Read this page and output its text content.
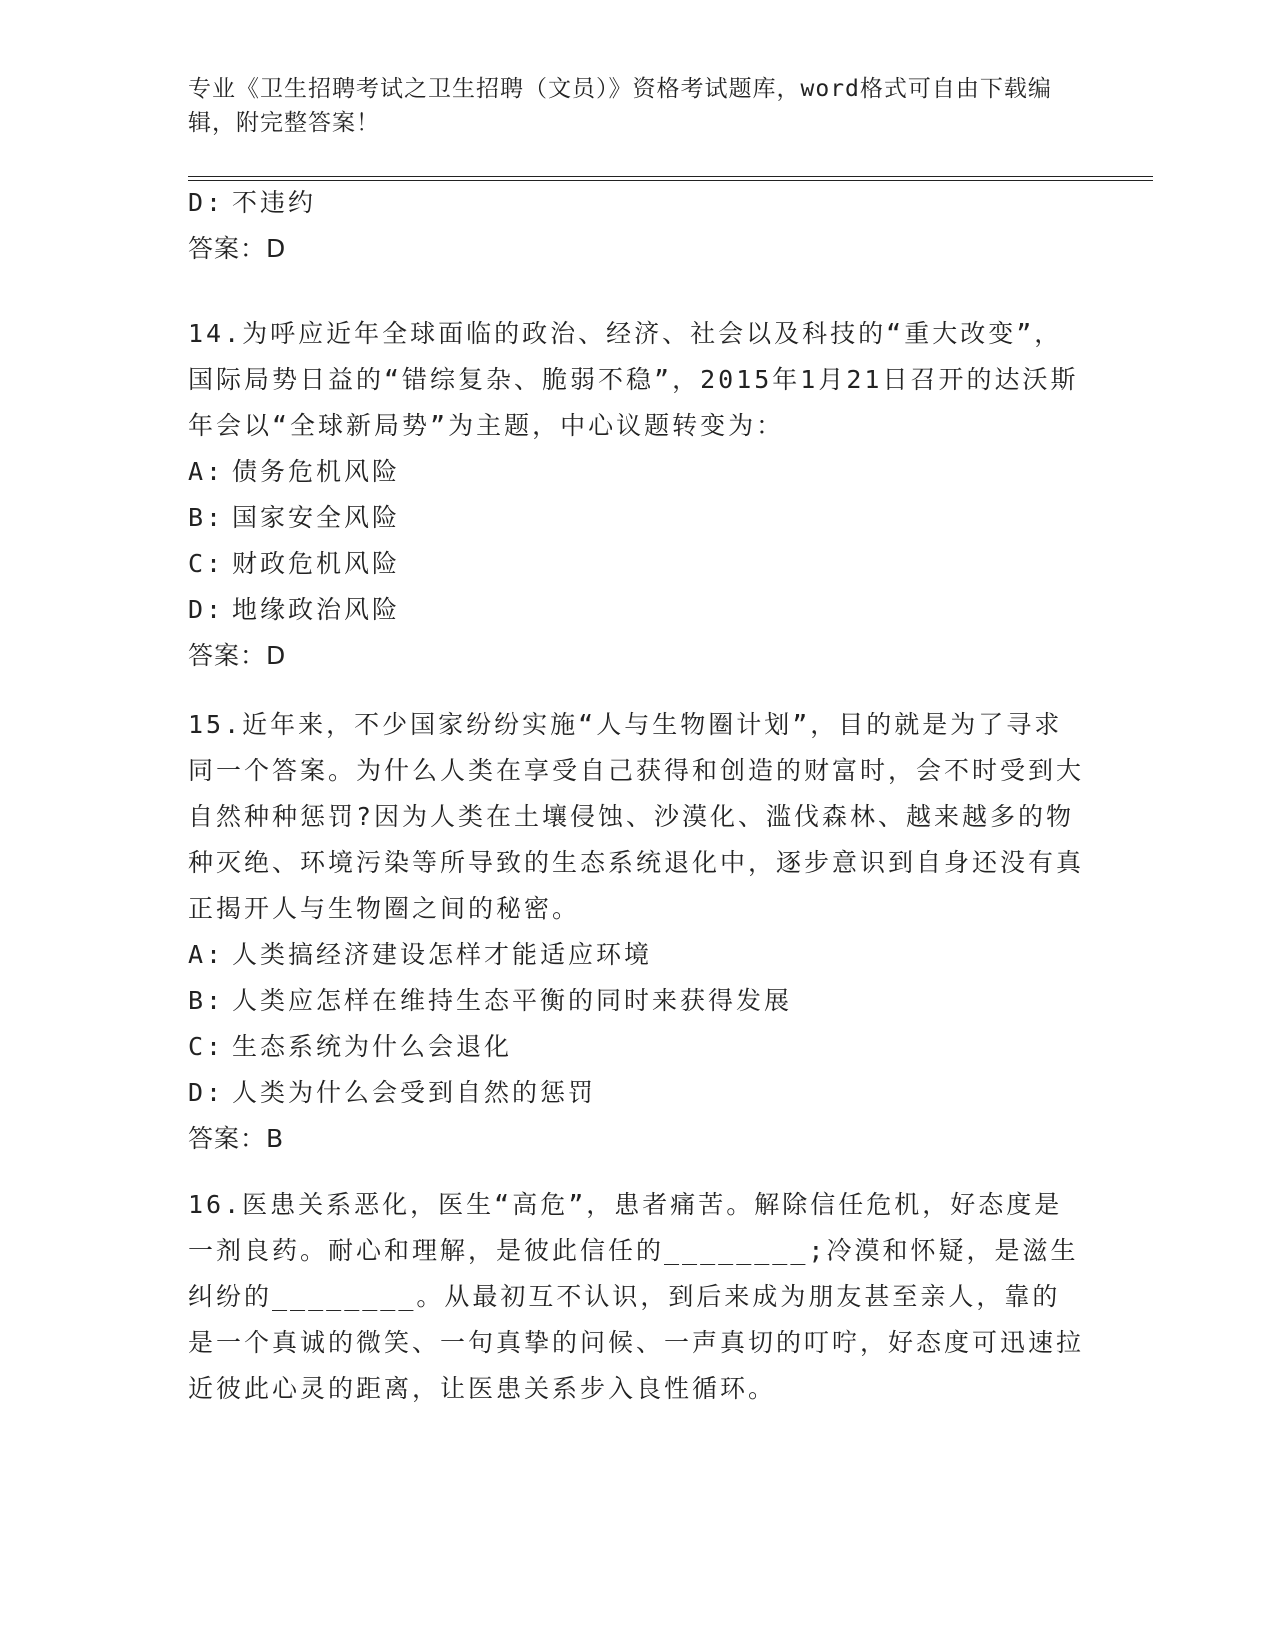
专业《卫生招聘考试之卫生招聘（文员）》资格考试题库，word格式可自由下载编辑，附完整答案！

D: 不违约

答案：D

14.为呼应近年全球面临的政治、经济、社会以及科技的“重大改变”，国际局势日益的“错综复杂、脆弱不稳”，2015年1月21日召开的达沃斯年会以“全球新局势”为主题，中心议题转变为：

A: 债务危机风险

B: 国家安全风险

C: 财政危机风险

D: 地缘政治风险

答案：D

15.近年来，不少国家纷纷实施“人与生物圈计划”，目的就是为了寻求同一个答案。为什么人类在享受自己获得和创造的财富时，会不时受到大自然种种惩罚?因为人类在土壤侵蚀、沙漠化、滥伐森林、越来越多的物种灭绝、环境污染等所导致的生态系统退化中，逐步意识到自身还没有真正揭开人与生物圈之间的秘密。

A: 人类搞经济建设怎样才能适应环境

B: 人类应怎样在维持生态平衡的同时来获得发展

C: 生态系统为什么会退化

D: 人类为什么会受到自然的惩罚

答案：B

16.医患关系恶化，医生“高危”，患者痛苦。解除信任危机，好态度是一剂良药。耐心和理解，是彼此信任的________;冷漠和怀疑，是滋生纠纷的________。从最初互不认识，到后来成为朋友甚至亲人，靠的是一个真诚的微笑、一句真挚的问候、一声真切的叮咛，好态度可迅速拉近彼此心灵的距离，让医患关系步入良性循环。
